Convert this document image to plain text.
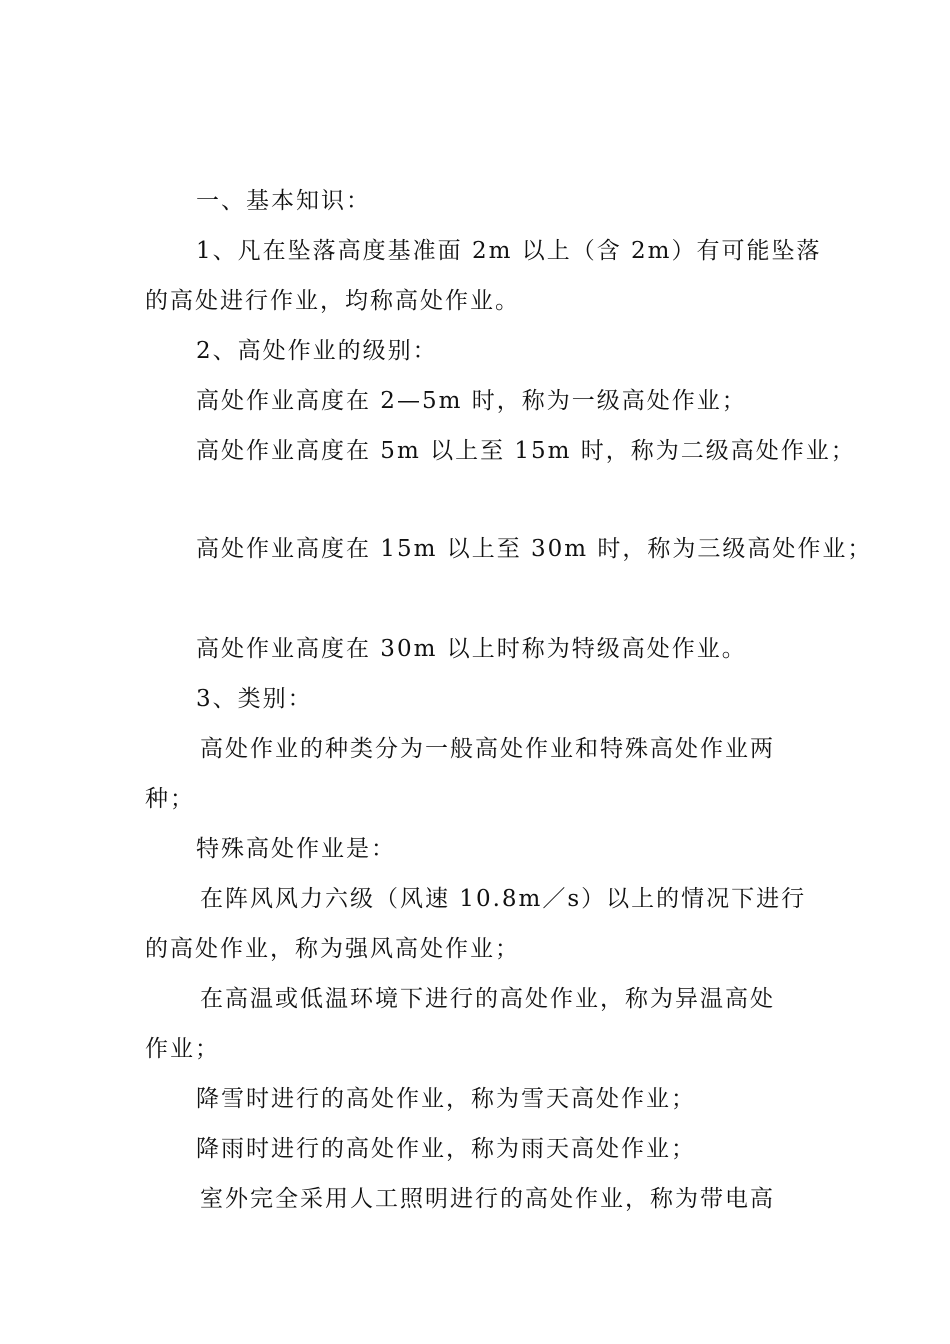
一、基本知识：
1、凡在坠落高度基准面 2m 以上（含 2m）有可能坠落
的高处进行作业，均称高处作业。
2、高处作业的级别：
高处作业高度在 2—5m 时，称为一级高处作业；
高处作业高度在 5m 以上至 15m 时，称为二级高处作业；
高处作业高度在 15m 以上至 30m 时，称为三级高处作业；
高处作业高度在 30m 以上时称为特级高处作业。
3、类别：
高处作业的种类分为一般高处作业和特殊高处作业两
种；
特殊高处作业是：
在阵风风力六级（风速 10.8m／s）以上的情况下进行
的高处作业，称为强风高处作业；
在高温或低温环境下进行的高处作业，称为异温高处
作业；
降雪时进行的高处作业，称为雪天高处作业；
降雨时进行的高处作业，称为雨天高处作业；
室外完全采用人工照明进行的高处作业，称为带电高
